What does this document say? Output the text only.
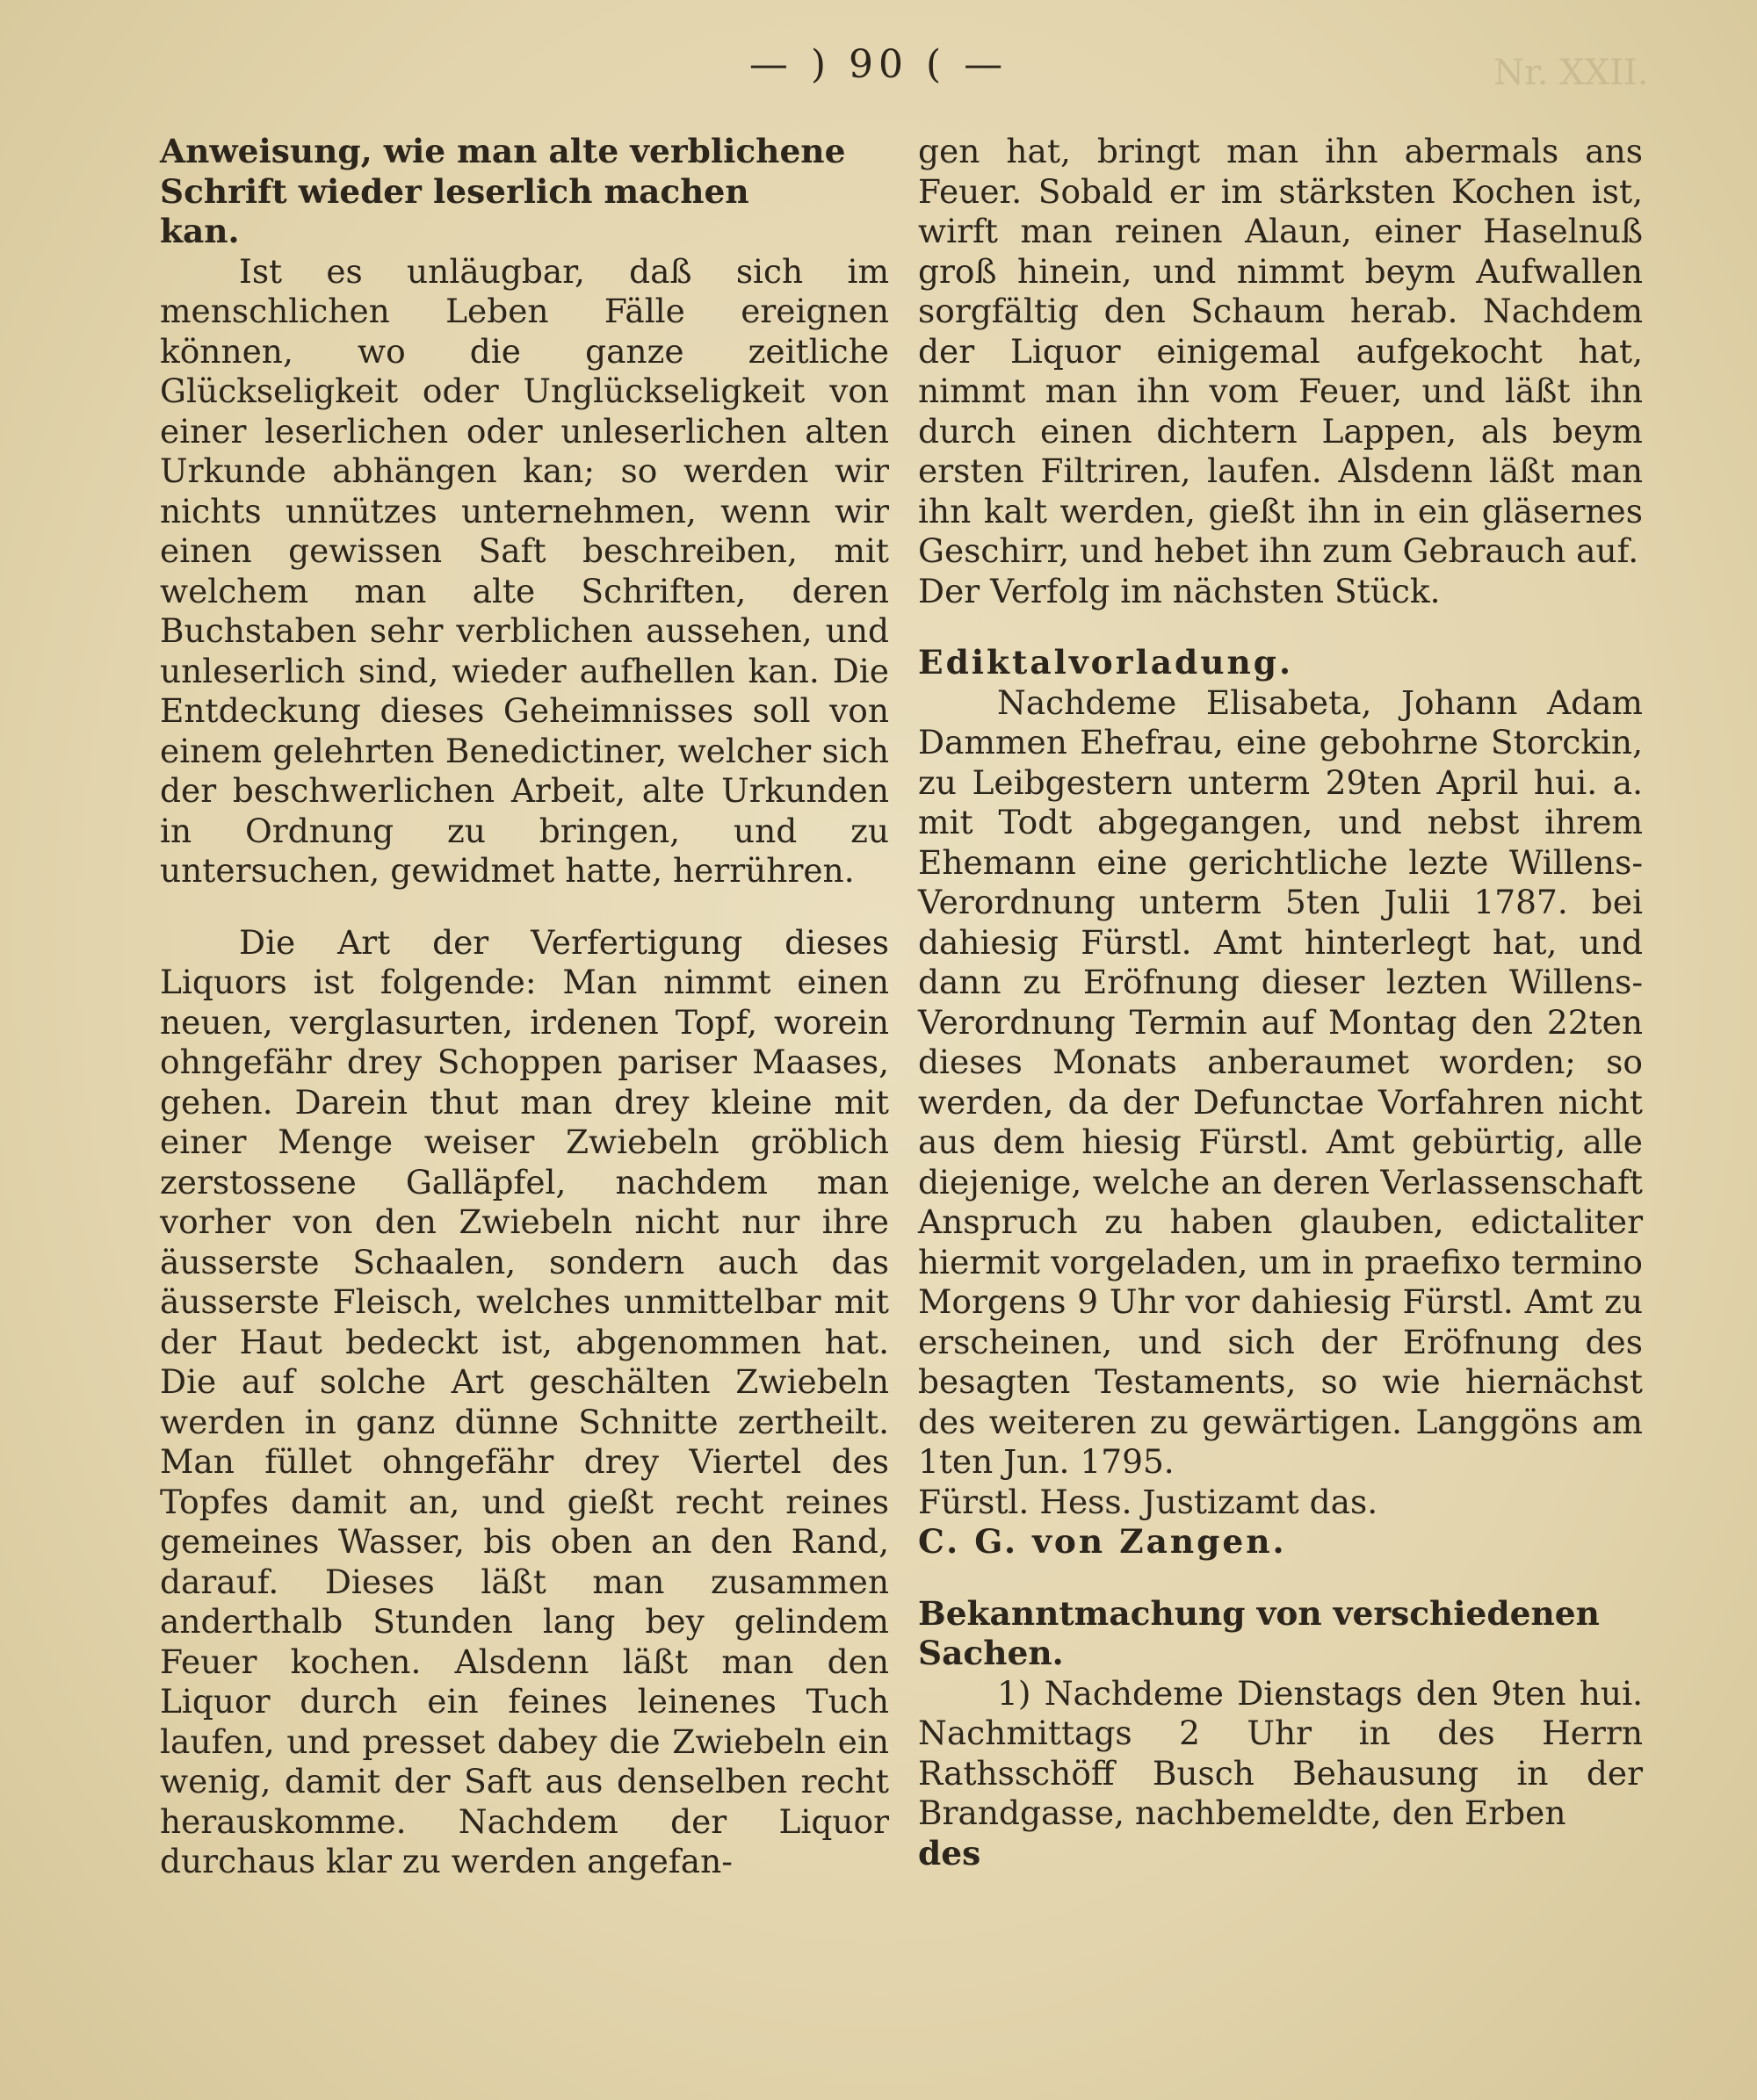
Nr. XXII.
— ) 90 ( —

Anweisung, wie man alte verblichene

Schrift wieder leserlich machen

kan.

Ist es unläugbar, daß sich im menschlichen Leben Fälle ereignen können, wo die ganze zeitliche Glückseligkeit oder Unglückseligkeit von einer leserlichen oder unleserlichen alten Urkunde abhängen kan; so werden wir nichts unnützes unternehmen, wenn wir einen gewissen Saft beschreiben, mit welchem man alte Schriften, deren Buchstaben sehr verblichen aussehen, und unleserlich sind, wieder aufhellen kan. Die Entdeckung dieses Geheimnisses soll von einem gelehrten Benedictiner, welcher sich der beschwerlichen Arbeit, alte Urkunden in Ordnung zu bringen, und zu untersuchen, gewidmet hatte, herrühren.

Die Art der Verfertigung dieses Liquors ist folgende: Man nimmt einen neuen, verglasurten, irdenen Topf, worein ohngefähr drey Schoppen pariser Maases, gehen. Darein thut man drey kleine mit einer Menge weiser Zwiebeln gröblich zerstossene Galläpfel, nachdem man vorher von den Zwiebeln nicht nur ihre äusserste Schaalen, sondern auch das äusserste Fleisch, welches unmittelbar mit der Haut bedeckt ist, abgenommen hat. Die auf solche Art geschälten Zwiebeln werden in ganz dünne Schnitte zertheilt. Man füllet ohngefähr drey Viertel des Topfes damit an, und gießt recht reines gemeines Wasser, bis oben an den Rand, darauf. Dieses läßt man zusammen anderthalb Stunden lang bey gelindem Feuer kochen. Alsdenn läßt man den Liquor durch ein feines leinenes Tuch laufen, und presset dabey die Zwiebeln ein wenig, damit der Saft aus denselben recht herauskomme. Nachdem der Liquor durchaus klar zu werden angefan-

gen hat, bringt man ihn abermals ans Feuer. Sobald er im stärksten Kochen ist, wirft man reinen Alaun, einer Haselnuß groß hinein, und nimmt beym Aufwallen sorgfältig den Schaum herab. Nachdem der Liquor einigemal aufgekocht hat, nimmt man ihn vom Feuer, und läßt ihn durch einen dichtern Lappen, als beym ersten Filtriren, laufen. Alsdenn läßt man ihn kalt werden, gießt ihn in ein gläsernes Geschirr, und hebet ihn zum Gebrauch auf.

Der Verfolg im nächsten Stück.

Ediktalvorladung.

Nachdeme Elisabeta, Johann Adam Dammen Ehefrau, eine gebohrne Storckin, zu Leibgestern unterm 29ten April hui. a. mit Todt abgegangen, und nebst ihrem Ehemann eine gerichtliche lezte Willens-Verordnung unterm 5ten Julii 1787. bei dahiesig Fürstl. Amt hinterlegt hat, und dann zu Eröfnung dieser lezten Willens-Verordnung Termin auf Montag den 22ten dieses Monats anberaumet worden; so werden, da der Defunctae Vorfahren nicht aus dem hiesig Fürstl. Amt gebürtig, alle diejenige, welche an deren Verlassenschaft Anspruch zu haben glauben, edictaliter hiermit vorgeladen, um in praefixo termino Morgens 9 Uhr vor dahiesig Fürstl. Amt zu erscheinen, und sich der Eröfnung des besagten Testaments, so wie hiernächst des weiteren zu gewärtigen. Langgöns am 1ten Jun. 1795.

Fürstl. Hess. Justizamt das.

C. G. von Zangen.

Bekanntmachung von verschiedenen

Sachen.

1) Nachdeme Dienstags den 9ten hui. Nachmittags 2 Uhr in des Herrn Rathsschöff Busch Behausung in der Brandgasse, nachbemeldte, den Erben

des
